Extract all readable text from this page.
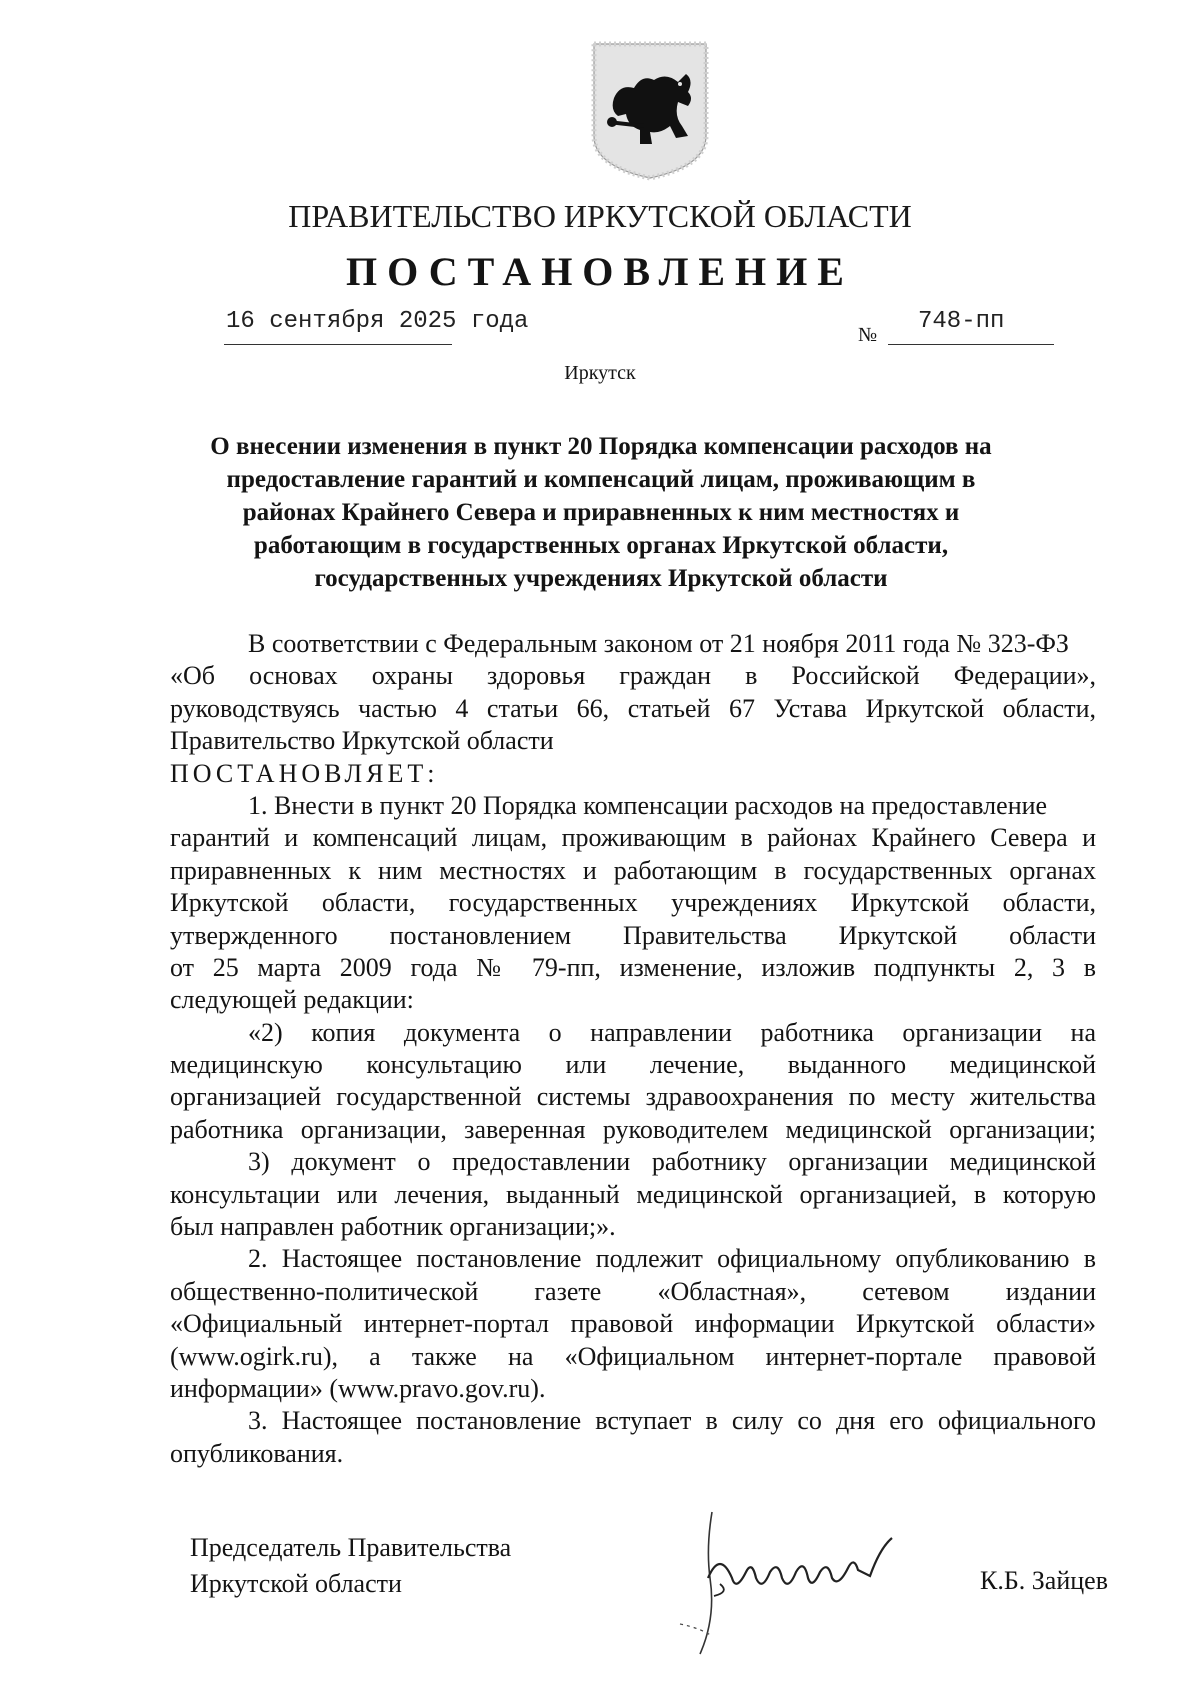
ПРАВИТЕЛЬСТВО ИРКУТСКОЙ ОБЛАСТИ
ПОСТАНОВЛЕНИЕ
16 сентября 2025 года	№ 748-пп
Иркутск
О внесении изменения в пункт 20 Порядка компенсации расходов на
предоставление гарантий и компенсаций лицам, проживающим в
районах Крайнего Севера и приравненных к ним местностях и
работающим в государственных органах Иркутской области,
государственных учреждениях Иркутской области
В соответствии с Федеральным законом от 21 ноября 2011 года № 323-ФЗ
«Об основах охраны здоровья граждан в Российской Федерации»,
руководствуясь частью 4 статьи 66, статьей 67 Устава Иркутской области,
Правительство Иркутской области
ПОСТАНОВЛЯЕТ:
1. Внести в пункт 20 Порядка компенсации расходов на предоставление
гарантий и компенсаций лицам, проживающим в районах Крайнего Севера и
приравненных к ним местностях и работающим в государственных органах
Иркутской области, государственных учреждениях Иркутской области,
утвержденного постановлением Правительства Иркутской области
от 25 марта 2009 года № 79-пп, изменение, изложив подпункты 2, 3 в
следующей редакции:
«2) копия документа о направлении работника организации на
медицинскую консультацию или лечение, выданного медицинской
организацией государственной системы здравоохранения по месту жительства
работника организации, заверенная руководителем медицинской организации;
3) документ о предоставлении работнику организации медицинской
консультации или лечения, выданный медицинской организацией, в которую
был направлен работник организации;».
2. Настоящее постановление подлежит официальному опубликованию в
общественно-политической газете «Областная», сетевом издании
«Официальный интернет-портал правовой информации Иркутской области»
(www.ogirk.ru), а также на «Официальном интернет-портале правовой
информации» (www.pravo.gov.ru).
3. Настоящее постановление вступает в силу со дня его официального
опубликования.
Председатель Правительства
Иркутской области	К.Б. Зайцев
